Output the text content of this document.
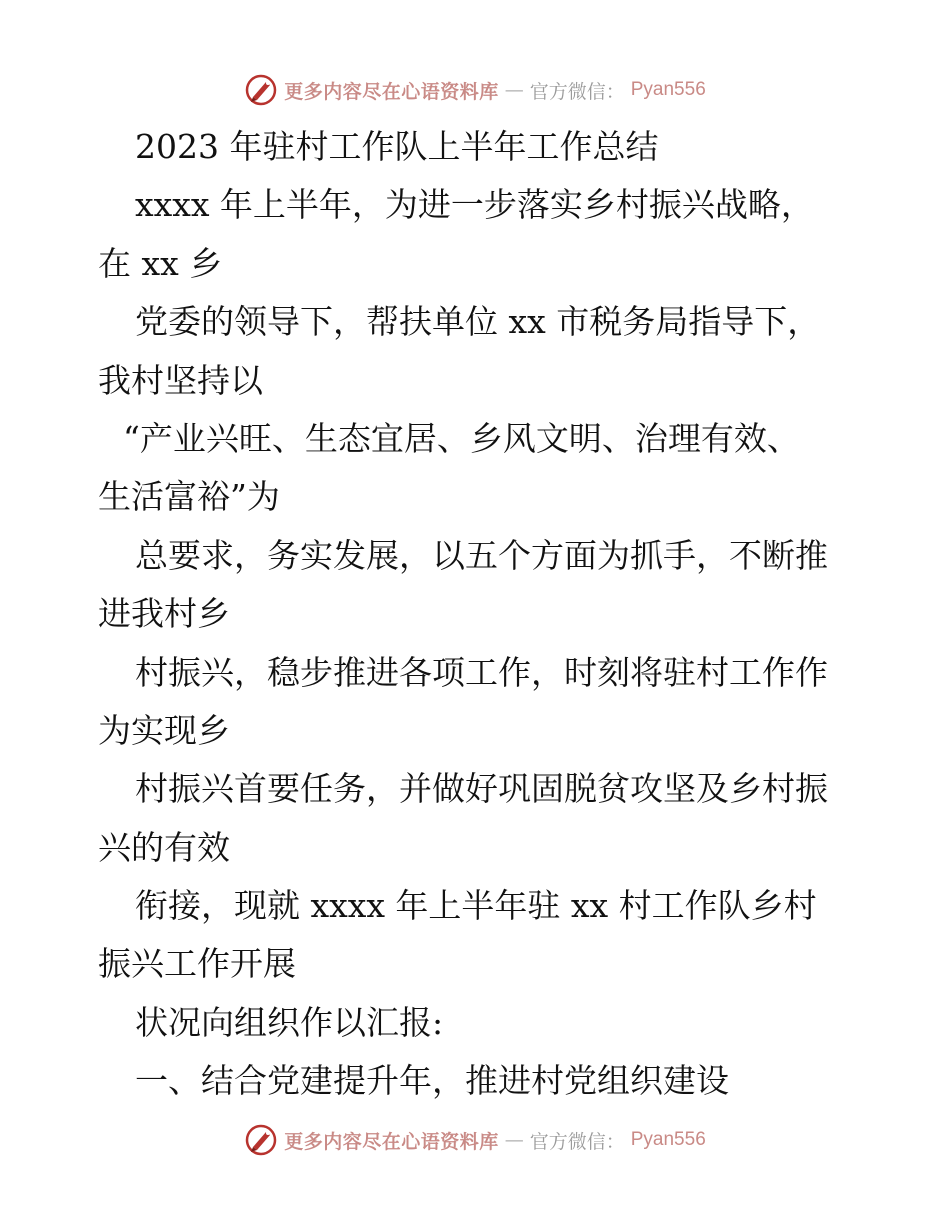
更多内容尽在心语资料库 — 官方微信： Pyan556
2023 年驻村工作队上半年工作总结
xxxx 年上半年，为进一步落实乡村振兴战略，
在 xx 乡
党委的领导下，帮扶单位 xx 市税务局指导下，
我村坚持以
“产业兴旺、生态宜居、乡风文明、治理有效、
生活富裕”为
总要求，务实发展，以五个方面为抓手，不断推
进我村乡
村振兴，稳步推进各项工作，时刻将驻村工作作
为实现乡
村振兴首要任务，并做好巩固脱贫攻坚及乡村振
兴的有效
衔接，现就 xxxx 年上半年驻 xx 村工作队乡村
振兴工作开展
状况向组织作以汇报:
一、结合党建提升年，推进村党组织建设
更多内容尽在心语资料库 — 官方微信： Pyan556
